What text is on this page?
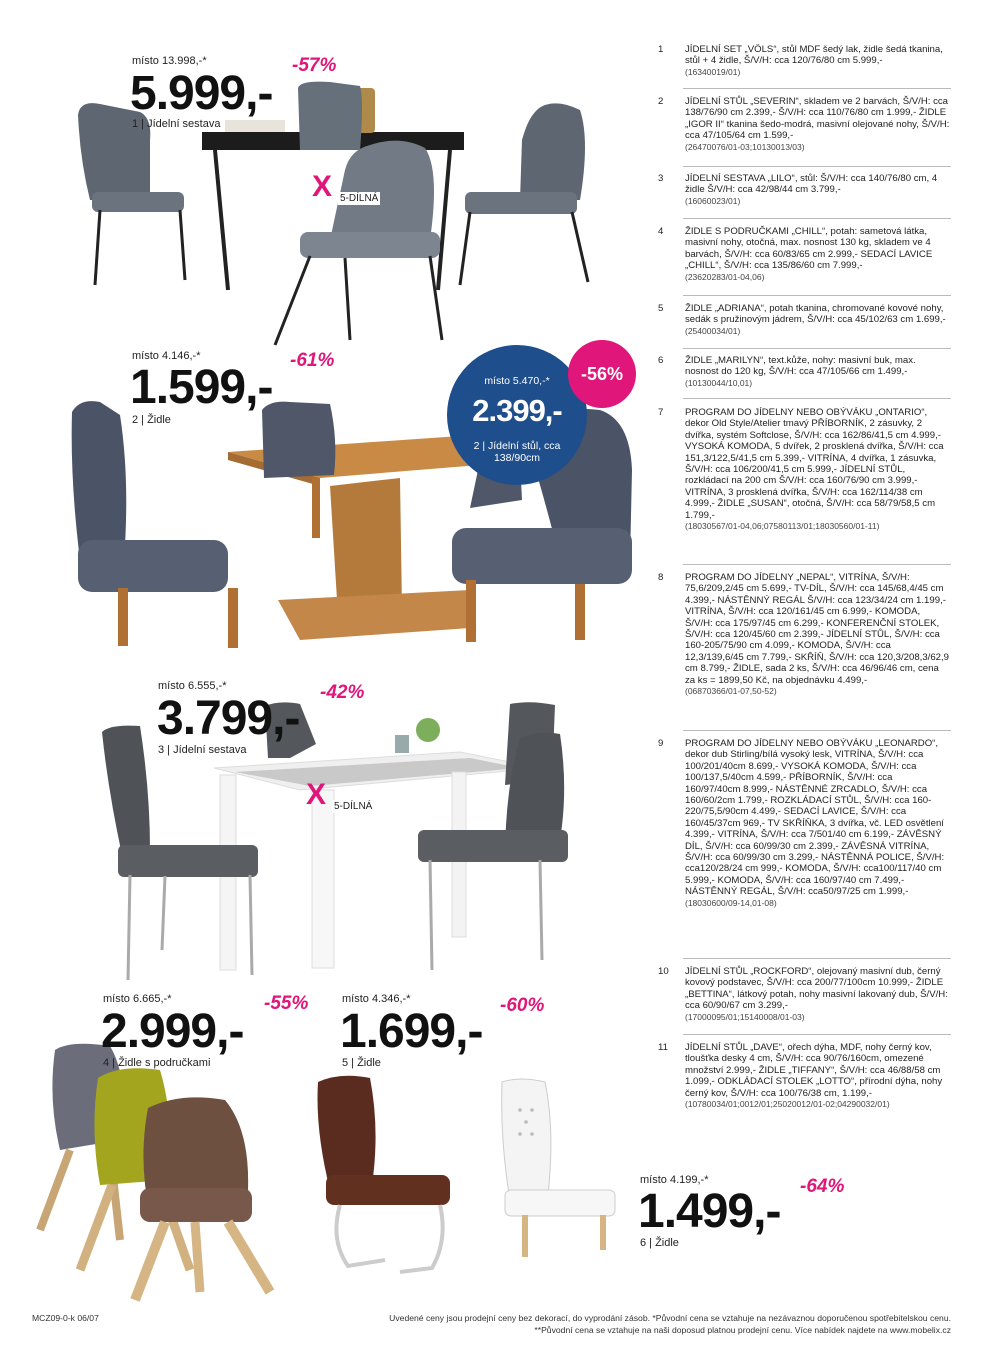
místo 13.998,-*
5.999,-
-57%
1 | Jídelní sestava
X 5-DÍLNÁ
místo 4.146,-*
1.599,-
-61%
2 | Židle
místo 5.470,-*
2.399,-
2 | Jídelní stůl, cca 138/90cm
-56%
místo 6.555,-*
3.799,- -42%
3 | Jídelní sestava
X 5-DÍLNÁ
místo 6.665,-*
2.999,-
-55%
4 | Židle s područkami
místo 4.346,-*
1.699,- -60%
5 | Židle
místo 4.199,-*
1.499,- -64%
6 | Židle
1	JÍDELNÍ SET „VÖLS“, stůl MDF šedý lak, židle šedá tkanina, stůl + 4 židle, Š/V/H: cca 120/76/80 cm 5.999,-
(16340019/01)
2	JÍDELNÍ STŮL „SEVERIN“, skladem ve 2 barvách, Š/V/H: cca 138/76/90 cm 2.399,- Š/V/H: cca 110/76/80 cm 1.999,- ŽIDLE „IGOR II“ tkanina šedo-modrá, masivní olejované nohy, Š/V/H: cca 47/105/64 cm 1.599,-
(26470076/01-03;10130013/03)
3	JÍDELNÍ SESTAVA „LILO“, stůl: Š/V/H: cca 140/76/80 cm, 4 židle Š/V/H: cca 42/98/44 cm 3.799,-
(16060023/01)
4	ŽIDLE S PODRUČKAMI „CHILL“, potah: sametová látka, masivní nohy, otočná, max. nosnost 130 kg, skladem ve 4 barvách, Š/V/H: cca 60/83/65 cm 2.999,- SEDACÍ LAVICE „CHILL“, Š/V/H: cca 135/86/60 cm 7.999,-
(23620283/01-04,06)
5	ŽIDLE „ADRIANA“, potah tkanina, chromované kovové nohy, sedák s pružinovým jádrem, Š/V/H: cca 45/102/63 cm 1.699,-
(25400034/01)
6	ŽIDLE „MARILYN“, text.kůže, nohy: masivní buk, max. nosnost do 120 kg, Š/V/H: cca 47/105/66 cm 1.499,-
(10130044/10,01)
7	PROGRAM DO JÍDELNY NEBO OBÝVÁKU „ONTARIO“, dekor Old Style/Atelier tmavý PŘÍBORNÍK, 2 zásuvky, 2 dvířka, systém Softclose, Š/V/H: cca 162/86/41,5 cm 4.999,- VYSOKÁ KOMODA, 5 dvířek, 2 prosklená dvířka, Š/V/H: cca 151,3/122,5/41,5 cm 5.399,- VITRÍNA, 4 dvířka, 1 zásuvka, Š/V/H: cca 106/200/41,5 cm 5.999,- JÍDELNÍ STŮL, rozkládací na 200 cm Š/V/H: cca 160/76/90 cm 3.999,- VITRÍNA, 3 prosklená dvířka, Š/V/H: cca 162/114/38 cm 4.999,- ŽIDLE „SUSAN“, otočná, Š/V/H: cca 58/79/58,5 cm 1.799,-
(18030567/01-04,06;07580113/01;18030560/01-11)
8	PROGRAM DO JÍDELNY „NEPAL“, VITRÍNA, Š/V/H: 75,6/209,2/45 cm 5.699,- TV-DÍL, Š/V/H: cca 145/68,4/45 cm 4.399,- NÁSTĚNNÝ REGÁL Š/V/H: cca 123/34/24 cm 1.199,- VITRÍNA, Š/V/H: cca 120/161/45 cm 6.999,- KOMODA, Š/V/H: cca 175/97/45 cm 6.299,- KONFERENČNÍ STOLEK, Š/V/H: cca 120/45/60 cm 2.399,- JÍDELNÍ STŮL, Š/V/H: cca 160-205/75/90 cm 4.099,- KOMODA, Š/V/H: cca 12,3/139,6/45 cm 7.799,- SKŘÍŇ, Š/V/H: cca 120,3/208,3/62,9 cm 8.799,- ŽIDLE, sada 2 ks, Š/V/H: cca 46/96/46 cm, cena za ks = 1899,50 Kč, na objednávku 4.499,-
(06870366/01-07,50-52)
9	PROGRAM DO JÍDELNY NEBO OBÝVÁKU „LEONARDO“, dekor dub Stirling/bílá vysoký lesk, VITRÍNA, Š/V/H: cca 100/201/40cm 8.699,- VYSOKÁ KOMODA, Š/V/H: cca 100/137,5/40cm 4.599,- PŘÍBORNÍK, Š/V/H: cca 160/97/40cm 8.999,- NÁSTĚNNÉ ZRCADLO, Š/V/H: cca 160/60/2cm 1.799,- ROZKLÁDACÍ STŮL, Š/V/H: cca 160-220/75,5/90cm 4.499,- SEDACÍ LAVICE, Š/V/H: cca 160/45/37cm 969,- TV SKŘÍŇKA, 3 dvířka, vč. LED osvětlení 4.399,- VITRÍNA, Š/V/H: cca 7/501/40 cm 6.199,- ZÁVĚSNÝ DÍL, Š/V/H: cca 60/99/30 cm 2.399,- ZÁVĚSNÁ VITRÍNA, Š/V/H: cca 60/99/30 cm 3.299,- NÁSTĚNNÁ POLICE, Š/V/H: cca120/28/24 cm 999,- KOMODA, Š/V/H: cca100/117/40 cm 5.999,- KOMODA, Š/V/H: cca 160/97/40 cm 7.499,- NÁSTĚNNÝ REGÁL, Š/V/H: cca50/97/25 cm 1.999,-
(18030600/09-14,01-08)
10	JÍDELNÍ STŮL „ROCKFORD“, olejovaný masivní dub, černý kovový podstavec, Š/V/H: cca 200/77/100cm 10.999,- ŽIDLE „BETTINA“, látkový potah, nohy masivní lakovaný dub, Š/V/H: cca 60/90/67 cm 3.299,-
(17000095/01;15140008/01-03)
11	JÍDELNÍ STŮL „DAVE“, ořech dýha, MDF, nohy černý kov, tloušťka desky 4 cm, Š/V/H: cca 90/76/160cm, omezené množství 2.999,- ŽIDLE „TIFFANY“, Š/V/H: cca 46/88/58 cm 1.099,- ODKLÁDACÍ STOLEK „LOTTO“, přírodní dýha, nohy černý kov, Š/V/H: cca 100/76/38 cm, 1.199,-
(10780034/01;0012/01;25020012/01-02;04290032/01)
MCZ09-0-k 06/07	Uvedené ceny jsou prodejní ceny bez dekorací, do vyprodání zásob. *Původní cena se vztahuje na nezávaznou doporučenou spotřebitelskou cenu.
**Původní cena se vztahuje na naši doposud platnou prodejní cenu. Více nabídek najdete na www.mobelix.cz
